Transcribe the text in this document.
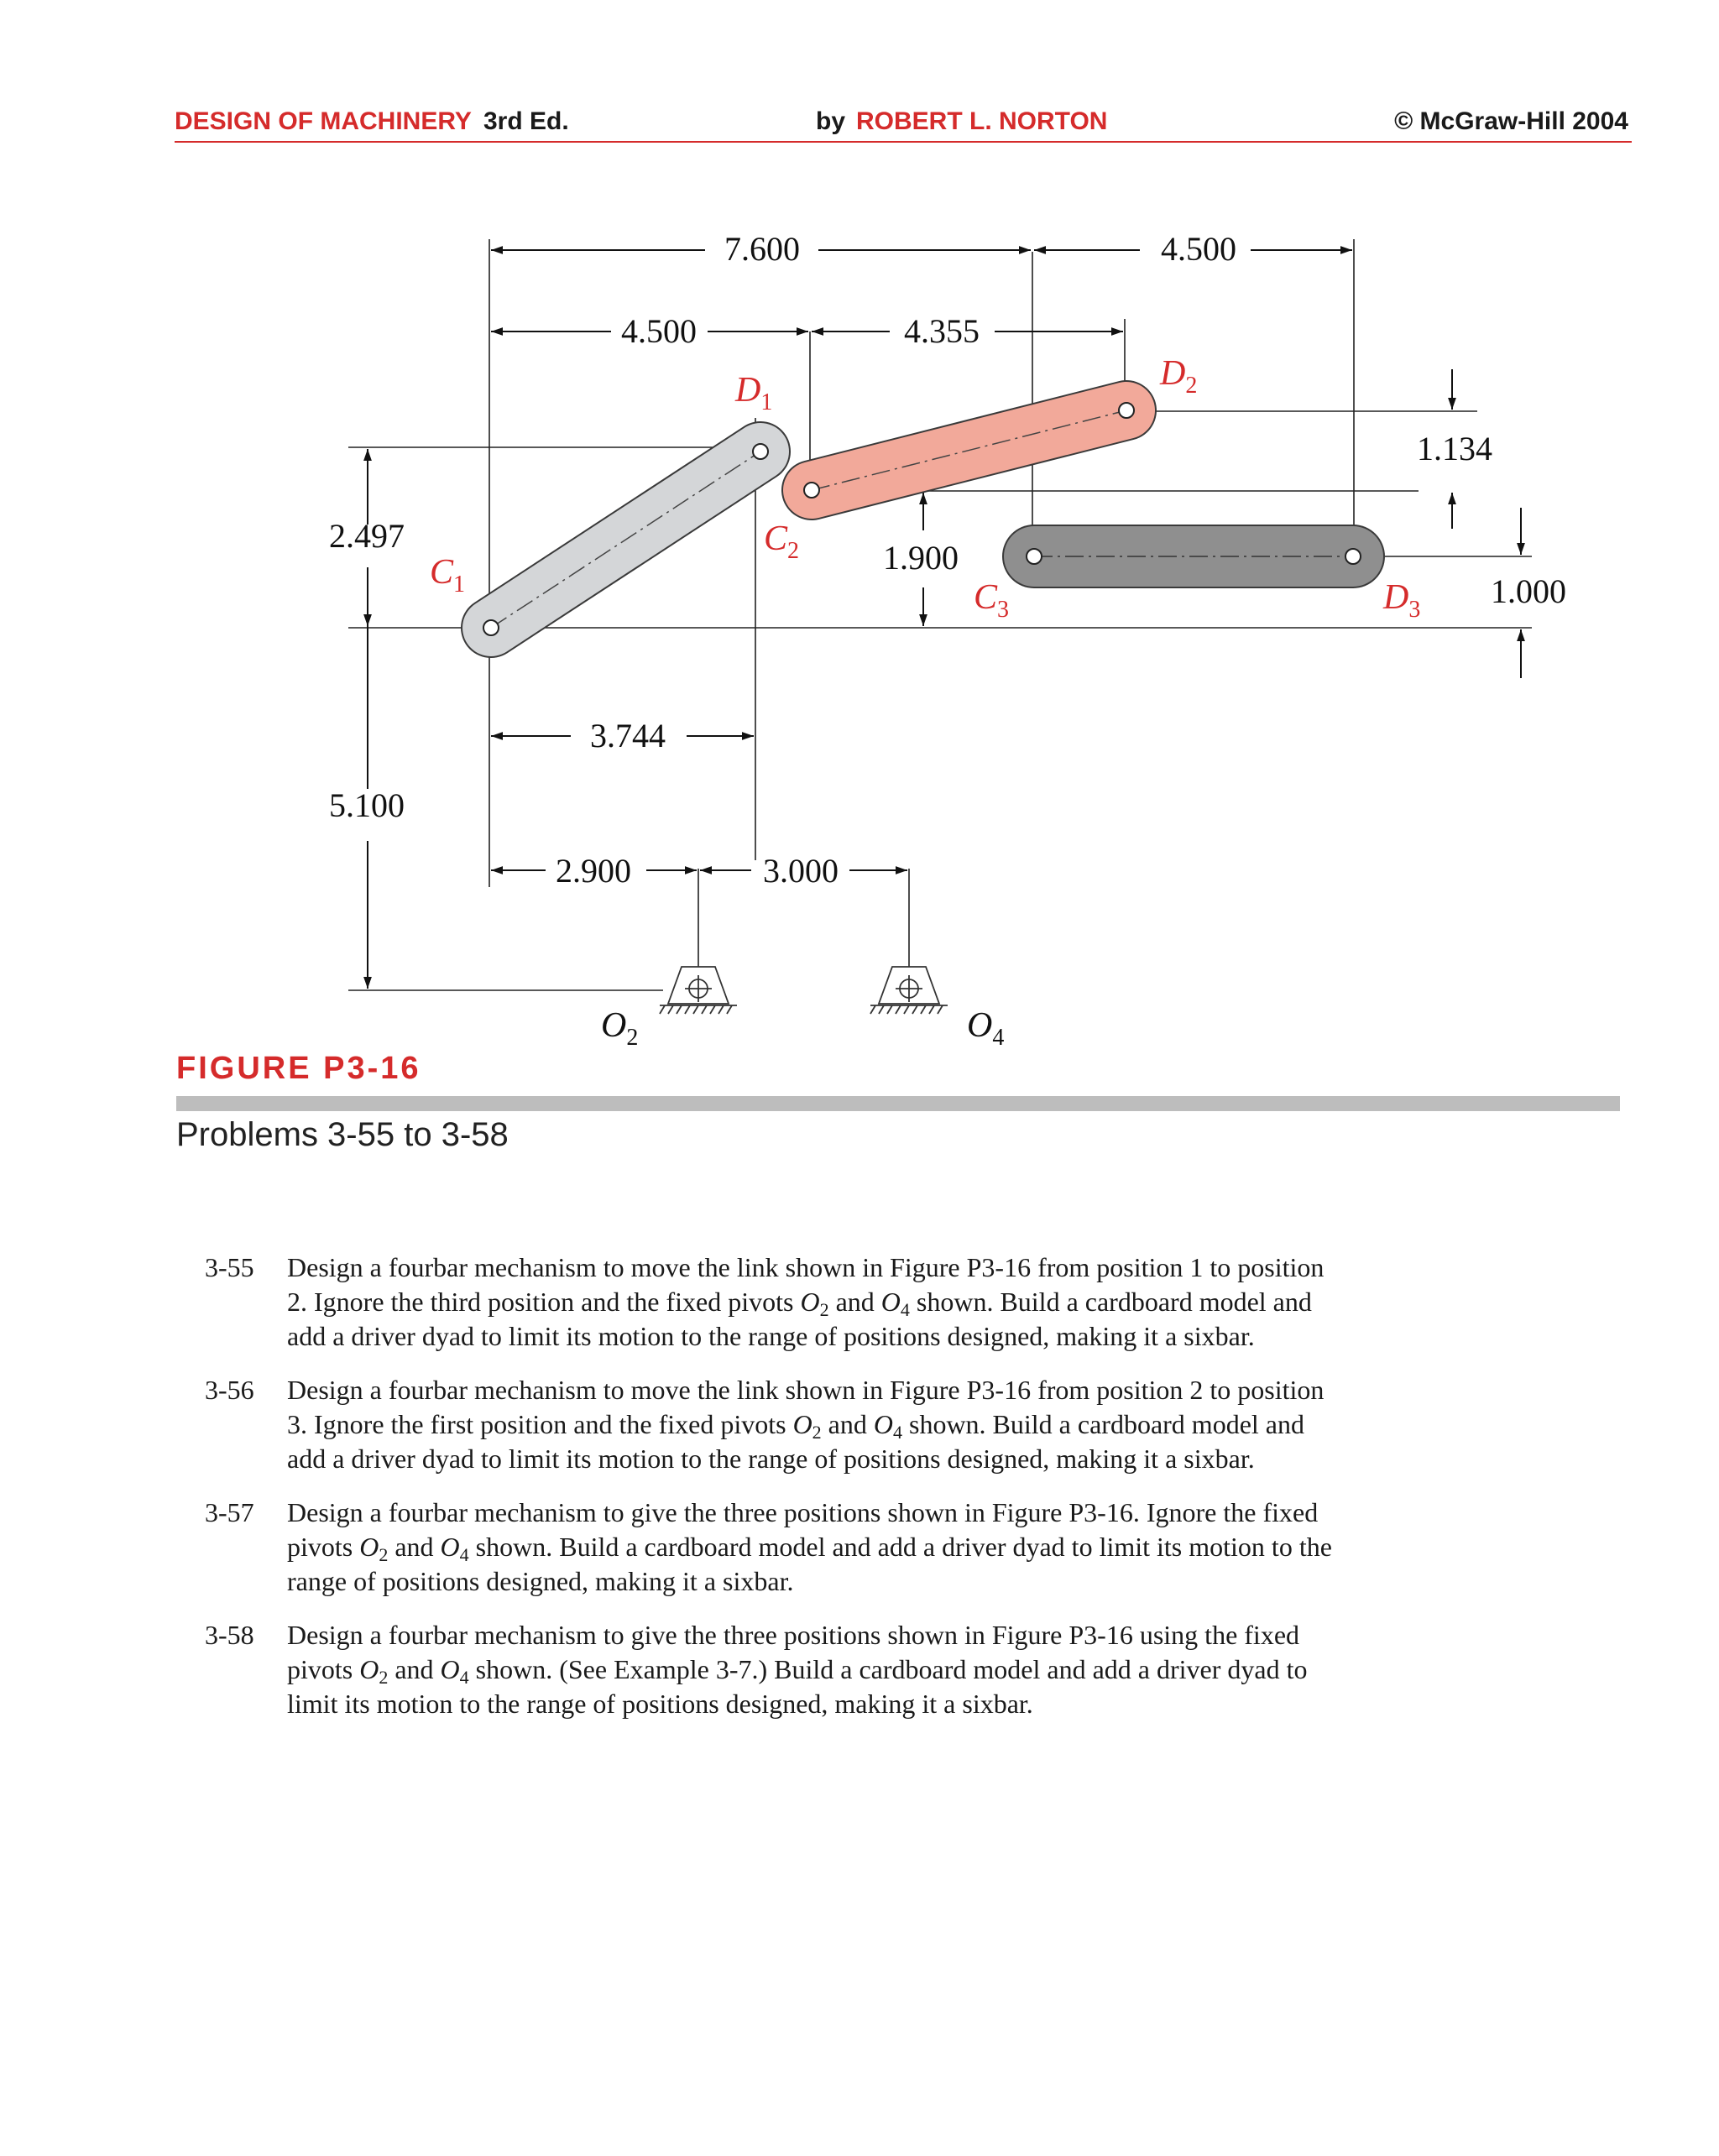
DESIGN OF MACHINERY 3rd Ed.	by ROBERT L. NORTON	© McGraw-Hill 2004
7.600	4.500
4.500	4.355
1.134
2.497
1.900
1.000
3.744
5.100
2.900	3.000
$D_1$
$D_2$
$C_1$
$C_2$
$C_3$	$D_3$
$O_2$	$O_4$
FIGURE P3-16
Problems 3-55 to 3-58
3-55	Design a fourbar mechanism to move the link shown in Figure P3-16 from position 1 to position 2. Ignore the third position and the fixed pivots $O_2$ and $O_4$ shown. Build a cardboard model and add a driver dyad to limit its motion to the range of positions designed, making it a sixbar.
3-56	Design a fourbar mechanism to move the link shown in Figure P3-16 from position 2 to position 3. Ignore the first position and the fixed pivots $O_2$ and $O_4$ shown. Build a cardboard model and add a driver dyad to limit its motion to the range of positions designed, making it a sixbar.
3-57	Design a fourbar mechanism to give the three positions shown in Figure P3-16. Ignore the fixed pivots $O_2$ and $O_4$ shown. Build a cardboard model and add a driver dyad to limit its motion to the range of positions designed, making it a sixbar.
3-58	Design a fourbar mechanism to give the three positions shown in Figure P3-16 using the fixed pivots $O_2$ and $O_4$ shown. (See Example 3-7.) Build a cardboard model and add a driver dyad to limit its motion to the range of positions designed, making it a sixbar.
